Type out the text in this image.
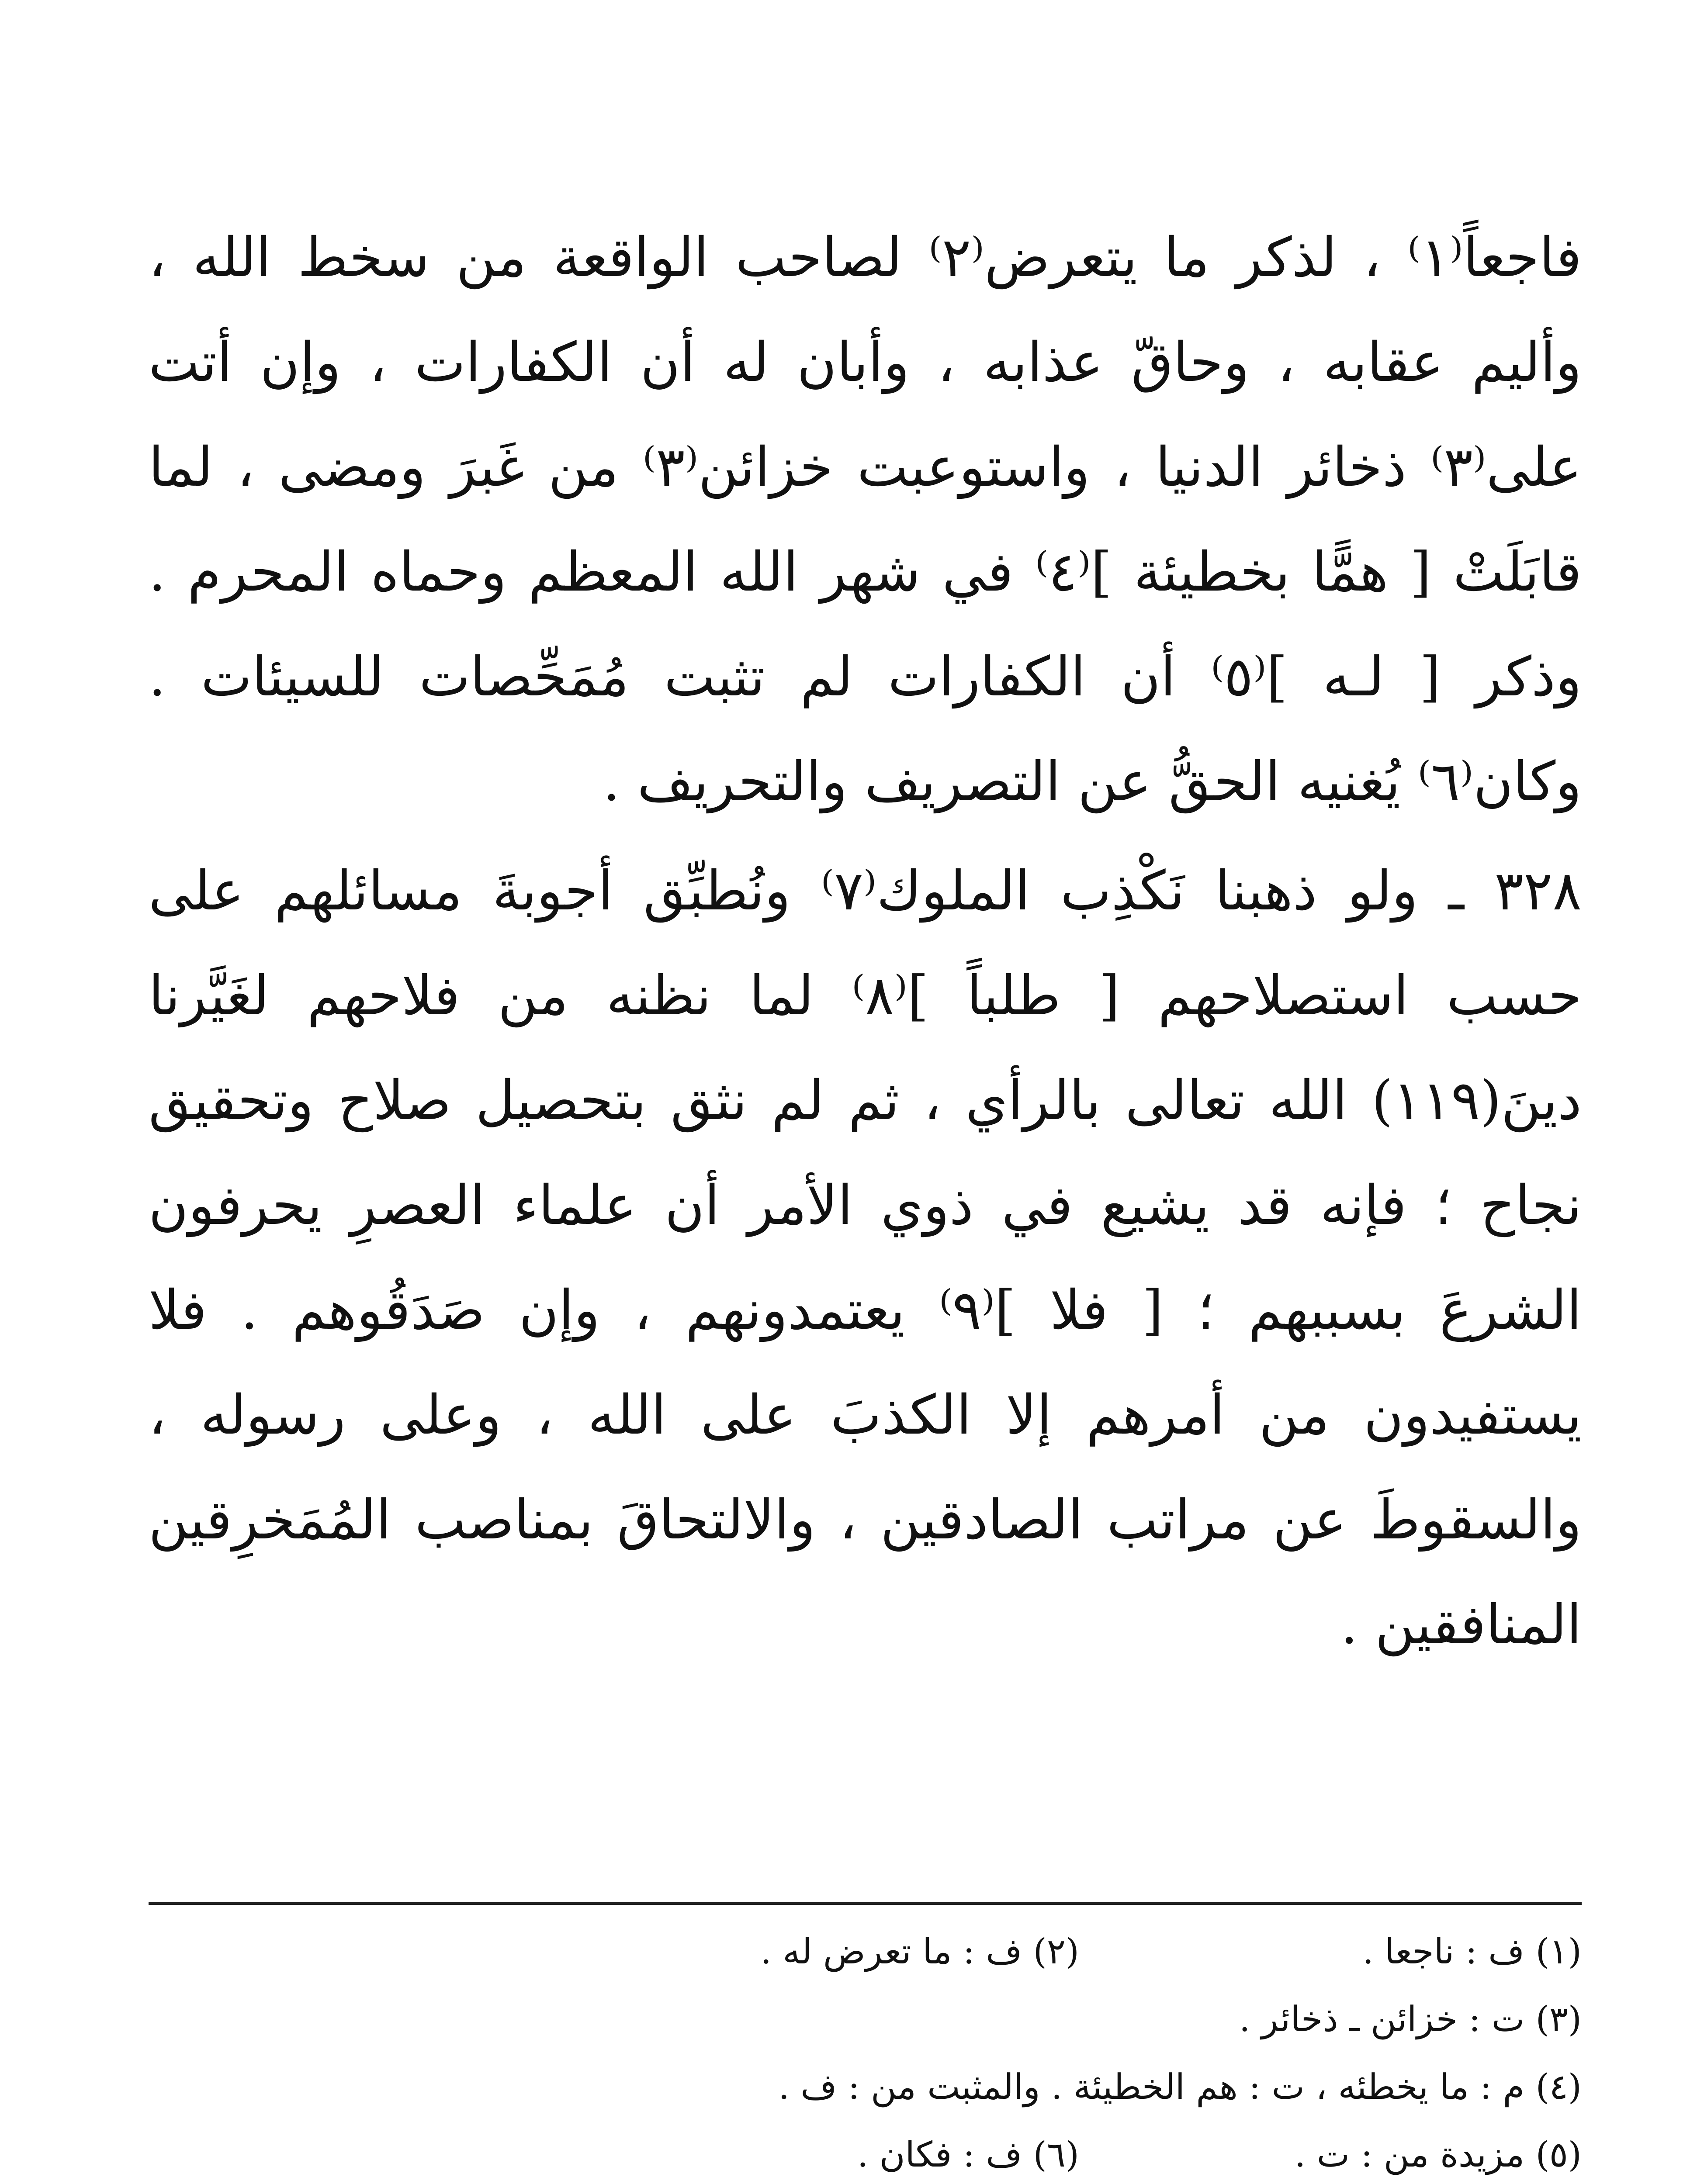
فاجعاً⁽١⁾ ، لذكر ما يتعرض⁽٢⁾ لصاحب الواقعة من سخط الله ، وأليم عقابه ، وحاقّ عذابه ، وأبان له أن الكفارات ، وإن أتت على⁽٣⁾ ذخائر الدنيا ، واستوعبت خزائن⁽٣⁾ من غَبرَ ومضى ، لما قابَلَتْ [ همًّا بخطيئة ]⁽٤⁾ في شهر الله المعظم وحماه المحرم . وذكر [ لـه ]⁽٥⁾ أن الكفارات لم تثبت مُمَحِّصات للسيئات . وكان⁽٦⁾ يُغنيه الحقُّ عن التصريف والتحريف .

٣٢٨ ـ ولو ذهبنا نَكْذِب الملوك⁽٧⁾ ونُطبِّق أجوبةَ مسائلهم على حسب استصلاحهم [ طلباً ]⁽٨⁾ لما نظنه من فلاحهم لغَيَّرنا دينَ(١١٩) الله تعالى بالرأي ، ثم لم نثق بتحصيل صلاح وتحقيق نجاح ؛ فإنه قد يشيع في ذوي الأمر أن علماء العصرِ يحرفون الشرعَ بسببهم ؛ [ فلا ]⁽٩⁾ يعتمدونهم ، وإن صَدَقُوهم . فلا يستفيدون من أمرهم إلا الكذبَ على الله ، وعلى رسوله ، والسقوطَ عن مراتب الصادقين ، والالتحاقَ بمناصب المُمَخرِقين المنافقين .

(١) ف : ناجعا .
(٢) ف : ما تعرض له .
(٣) ت : خزائن ـ ذخائر .
(٤) م : ما يخطئه ، ت : هم الخطيئة . والمثبت من : ف .
(٥) مزيدة من : ت .
(٦) ف : فكان .
